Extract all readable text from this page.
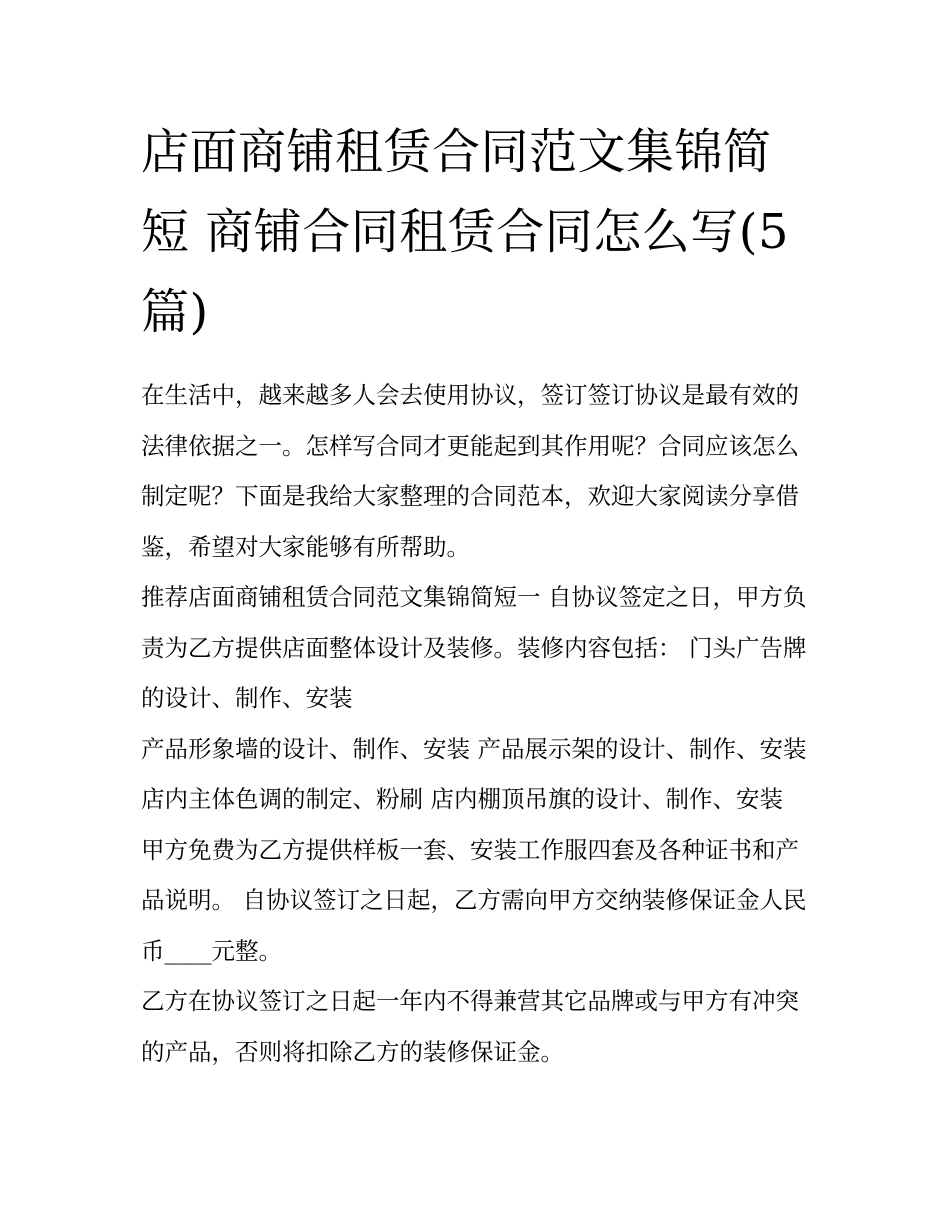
店面商铺租赁合同范文集锦简短 商铺合同租赁合同怎么写(5篇)

在生活中，越来越多人会去使用协议，签订签订协议是最有效的法律依据之一。怎样写合同才更能起到其作用呢？合同应该怎么制定呢？下面是我给大家整理的合同范本，欢迎大家阅读分享借鉴，希望对大家能够有所帮助。

推荐店面商铺租赁合同范文集锦简短一 自协议签定之日，甲方负责为乙方提供店面整体设计及装修。装修内容包括： 门头广告牌的设计、制作、安装

产品形象墙的设计、制作、安装 产品展示架的设计、制作、安装 店内主体色调的制定、粉刷 店内棚顶吊旗的设计、制作、安装

甲方免费为乙方提供样板一套、安装工作服四套及各种证书和产品说明。 自协议签订之日起，乙方需向甲方交纳装修保证金人民币____元整。

乙方在协议签订之日起一年内不得兼营其它品牌或与甲方有冲突的产品，否则将扣除乙方的装修保证金。
